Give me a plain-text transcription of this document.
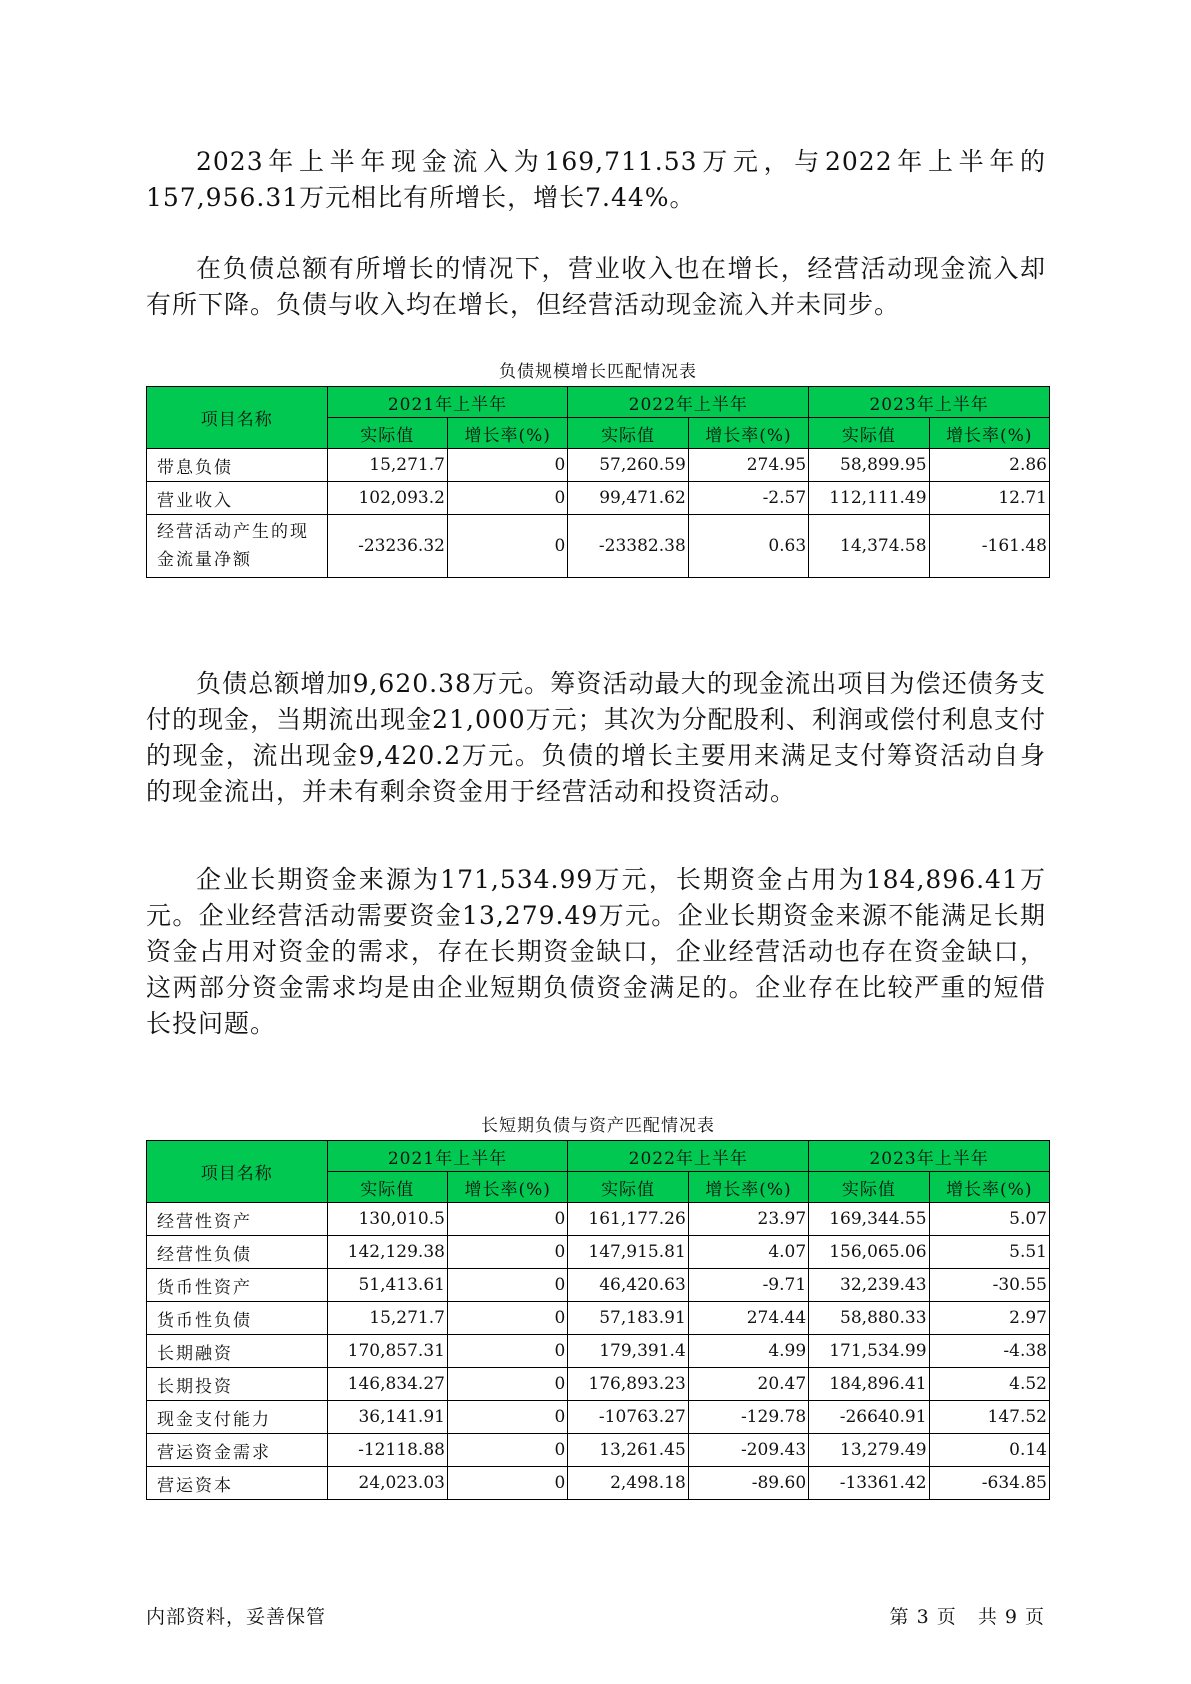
2023年上半年现金流入为169,711.53万元，与2022年上半年的157,956.31万元相比有所增长，增长7.44%。

在负债总额有所增长的情况下，营业收入也在增长，经营活动现金流入却有所下降。负债与收入均在增长，但经营活动现金流入并未同步。

负债规模增长匹配情况表

项目名称	2021年上半年		2022年上半年		2023年上半年	
	实际值	增长率(%)	实际值	增长率(%)	实际值	增长率(%)
带息负债	15,271.7	0	57,260.59	274.95	58,899.95	2.86
营业收入	102,093.2	0	99,471.62	-2.57	112,111.49	12.71
经营活动产生的现金流量净额	-23236.32	0	-23382.38	0.63	14,374.58	-161.48

负债总额增加9,620.38万元。筹资活动最大的现金流出项目为偿还债务支付的现金，当期流出现金21,000万元；其次为分配股利、利润或偿付利息支付的现金，流出现金9,420.2万元。负债的增长主要用来满足支付筹资活动自身的现金流出，并未有剩余资金用于经营活动和投资活动。

企业长期资金来源为171,534.99万元，长期资金占用为184,896.41万元。企业经营活动需要资金13,279.49万元。企业长期资金来源不能满足长期资金占用对资金的需求，存在长期资金缺口，企业经营活动也存在资金缺口，这两部分资金需求均是由企业短期负债资金满足的。企业存在比较严重的短借长投问题。

长短期负债与资产匹配情况表

项目名称	2021年上半年		2022年上半年		2023年上半年	
	实际值	增长率(%)	实际值	增长率(%)	实际值	增长率(%)
经营性资产	130,010.5	0	161,177.26	23.97	169,344.55	5.07
经营性负债	142,129.38	0	147,915.81	4.07	156,065.06	5.51
货币性资产	51,413.61	0	46,420.63	-9.71	32,239.43	-30.55
货币性负债	15,271.7	0	57,183.91	274.44	58,880.33	2.97
长期融资	170,857.31	0	179,391.4	4.99	171,534.99	-4.38
长期投资	146,834.27	0	176,893.23	20.47	184,896.41	4.52
现金支付能力	36,141.91	0	-10763.27	-129.78	-26640.91	147.52
营运资金需求	-12118.88	0	13,261.45	-209.43	13,279.49	0.14
营运资本	24,023.03	0	2,498.18	-89.60	-13361.42	-634.85

内部资料，妥善保管	第 3 页   共 9 页
